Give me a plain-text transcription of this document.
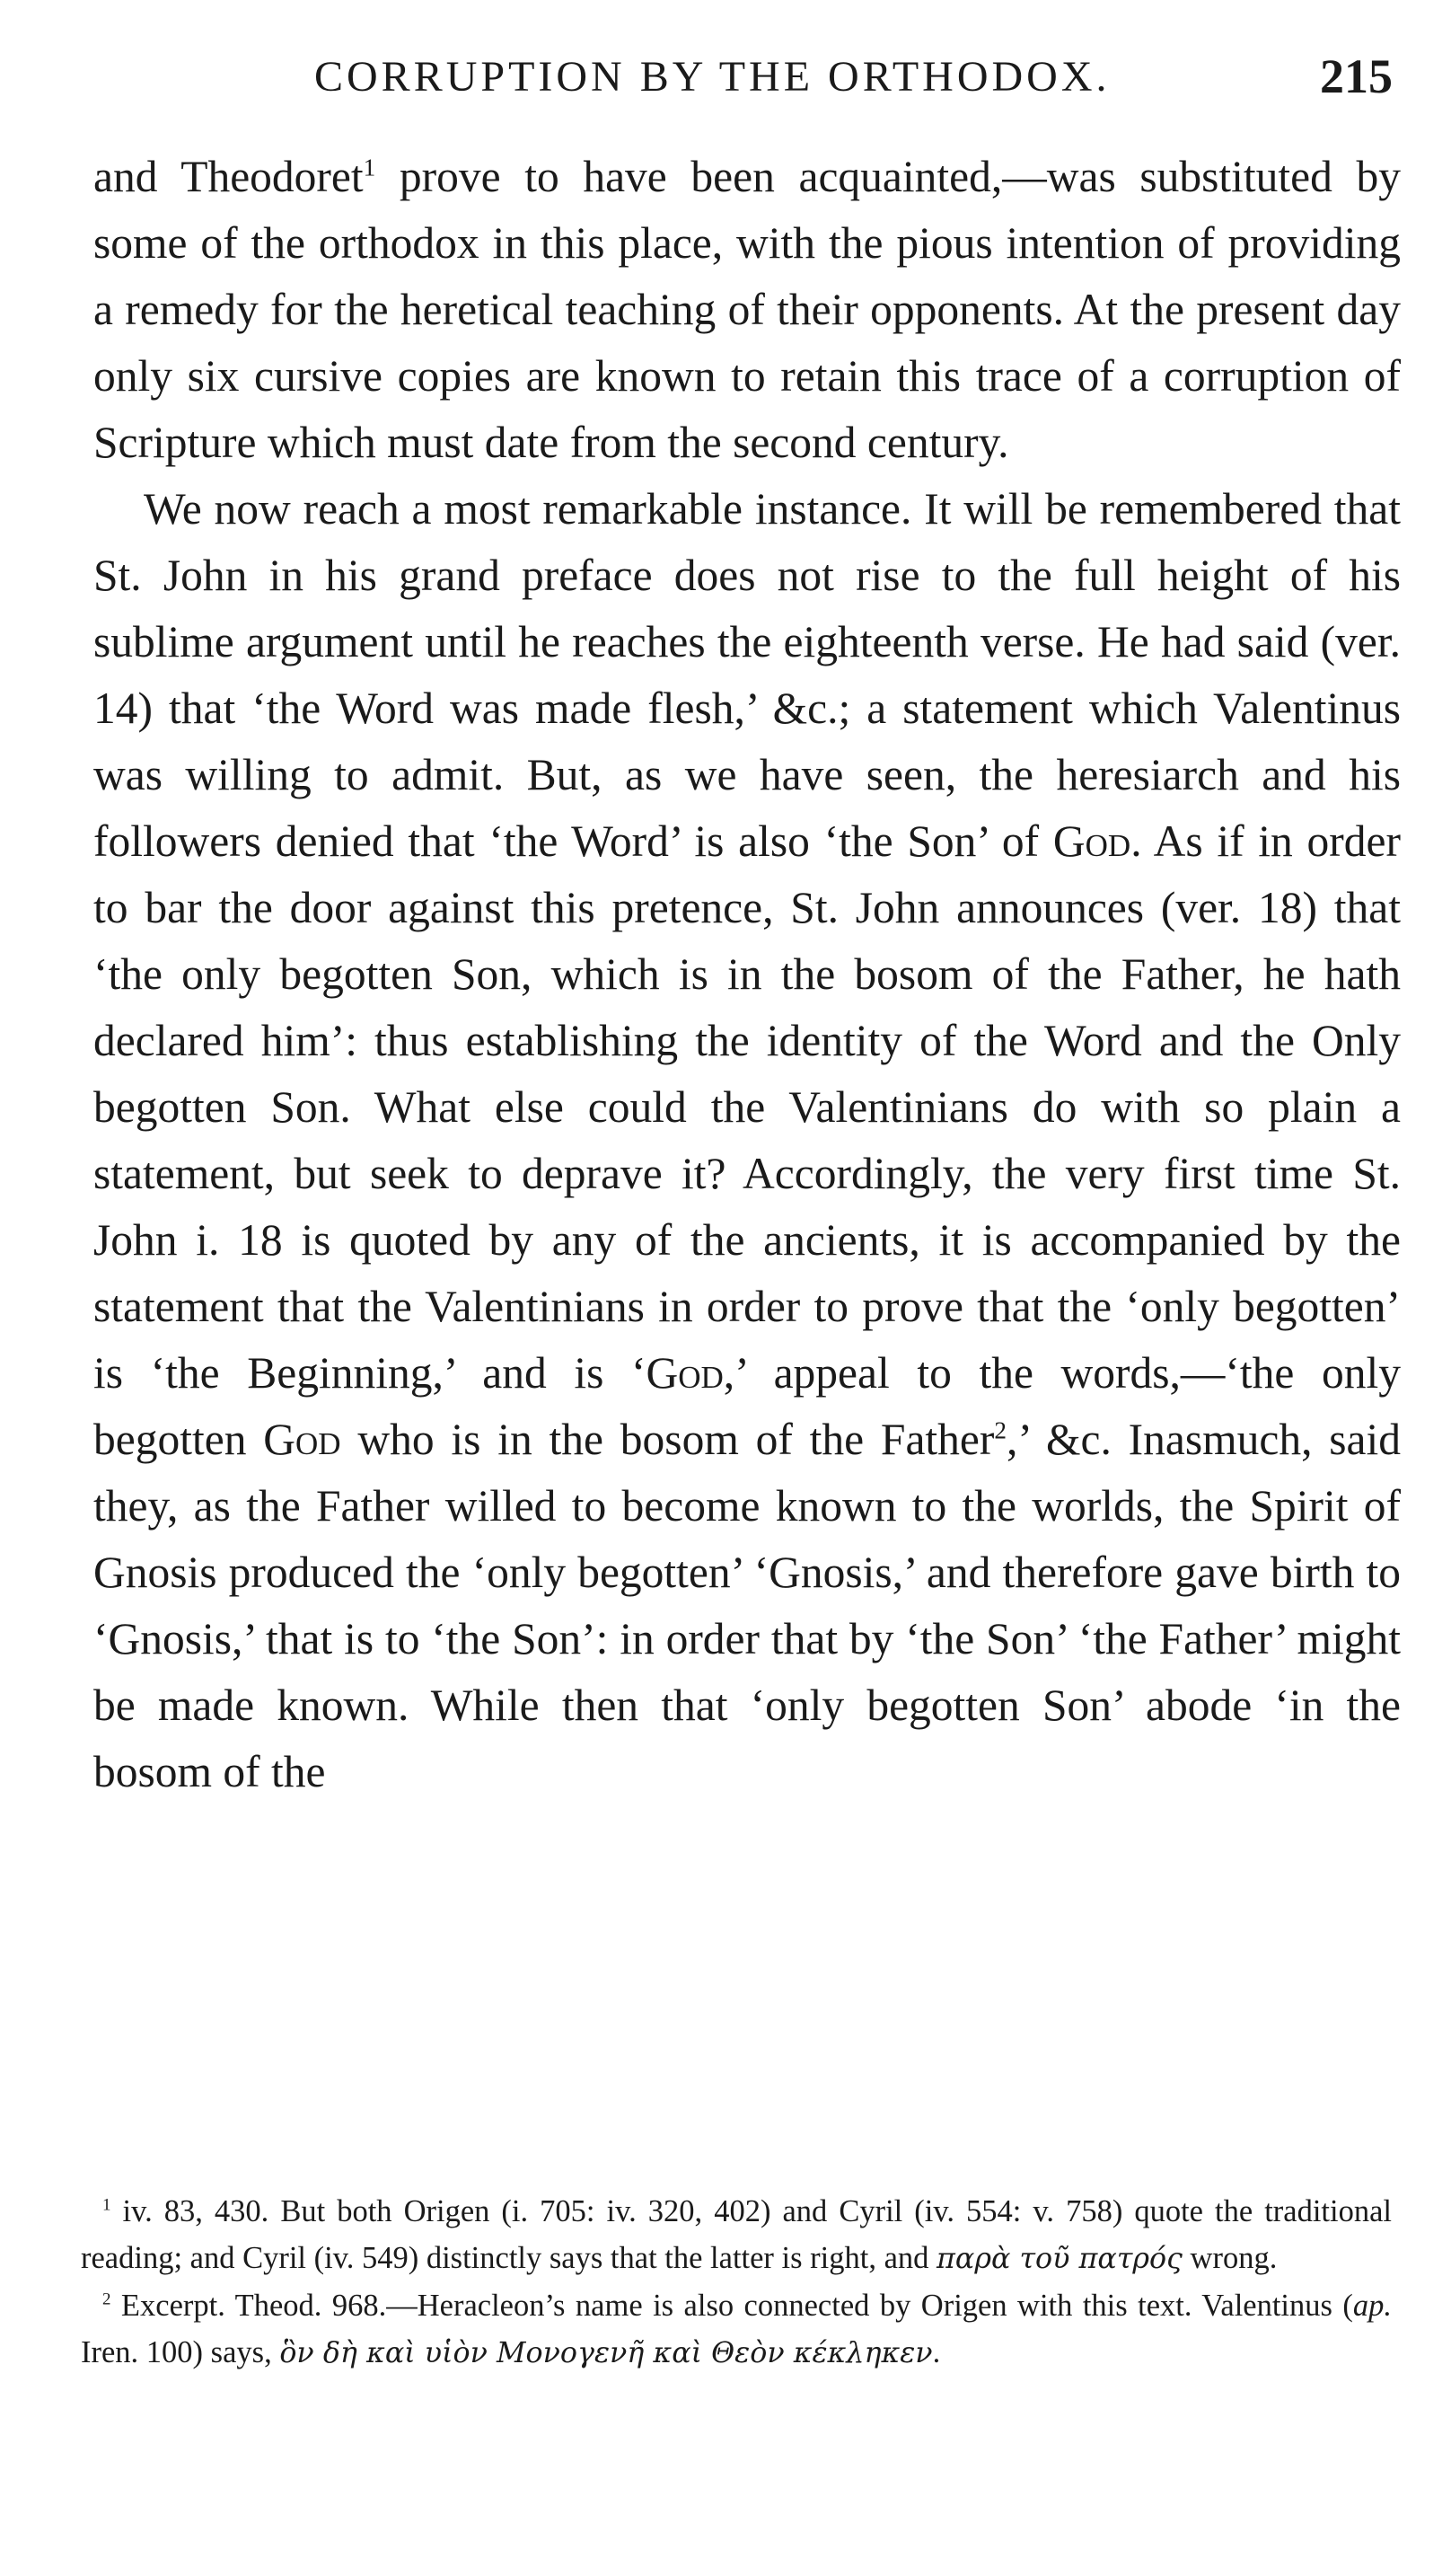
CORRUPTION BY THE ORTHODOX.	215

and Theodoret$^1$ prove to have been acquainted,—was substituted by some of the orthodox in this place, with the pious intention of providing a remedy for the heretical teaching of their opponents. At the present day only six cursive copies are known to retain this trace of a corruption of Scripture which must date from the second century.

We now reach a most remarkable instance. It will be remembered that St. John in his grand preface does not rise to the full height of his sublime argument until he reaches the eighteenth verse. He had said (ver. 14) that ‘the Word was made flesh,’ &c.; a statement which Valentinus was willing to admit. But, as we have seen, the heresiarch and his followers denied that ‘the Word’ is also ‘the Son’ of God. As if in order to bar the door against this pretence, St. John announces (ver. 18) that ‘the only begotten Son, which is in the bosom of the Father, he hath declared him’: thus establishing the identity of the Word and the Only begotten Son. What else could the Valentinians do with so plain a statement, but seek to deprave it? Accordingly, the very first time St. John i. 18 is quoted by any of the ancients, it is accompanied by the statement that the Valentinians in order to prove that the ‘only begotten’ is ‘the Beginning,’ and is ‘God,’ appeal to the words,—‘the only begotten God who is in the bosom of the Father$^2$,’ &c. Inasmuch, said they, as the Father willed to become known to the worlds, the Spirit of Gnosis produced the ‘only begotten’ ‘Gnosis,’ and therefore gave birth to ‘Gnosis,’ that is to ‘the Son’: in order that by ‘the Son’ ‘the Father’ might be made known. While then that ‘only begotten Son’ abode ‘in the bosom of the

$^1$ iv. 83, 430. But both Origen (i. 705: iv. 320, 402) and Cyril (iv. 554: v. 758) quote the traditional reading; and Cyril (iv. 549) distinctly says that the latter is right, and παρὰ τοῦ πατρός wrong.

$^2$ Excerpt. Theod. 968.—Heracleon’s name is also connected by Origen with this text. Valentinus (ap. Iren. 100) says, ὃν δὴ καὶ υἱὸν Μονογενῆ καὶ Θεὸν κέκληκεν.
